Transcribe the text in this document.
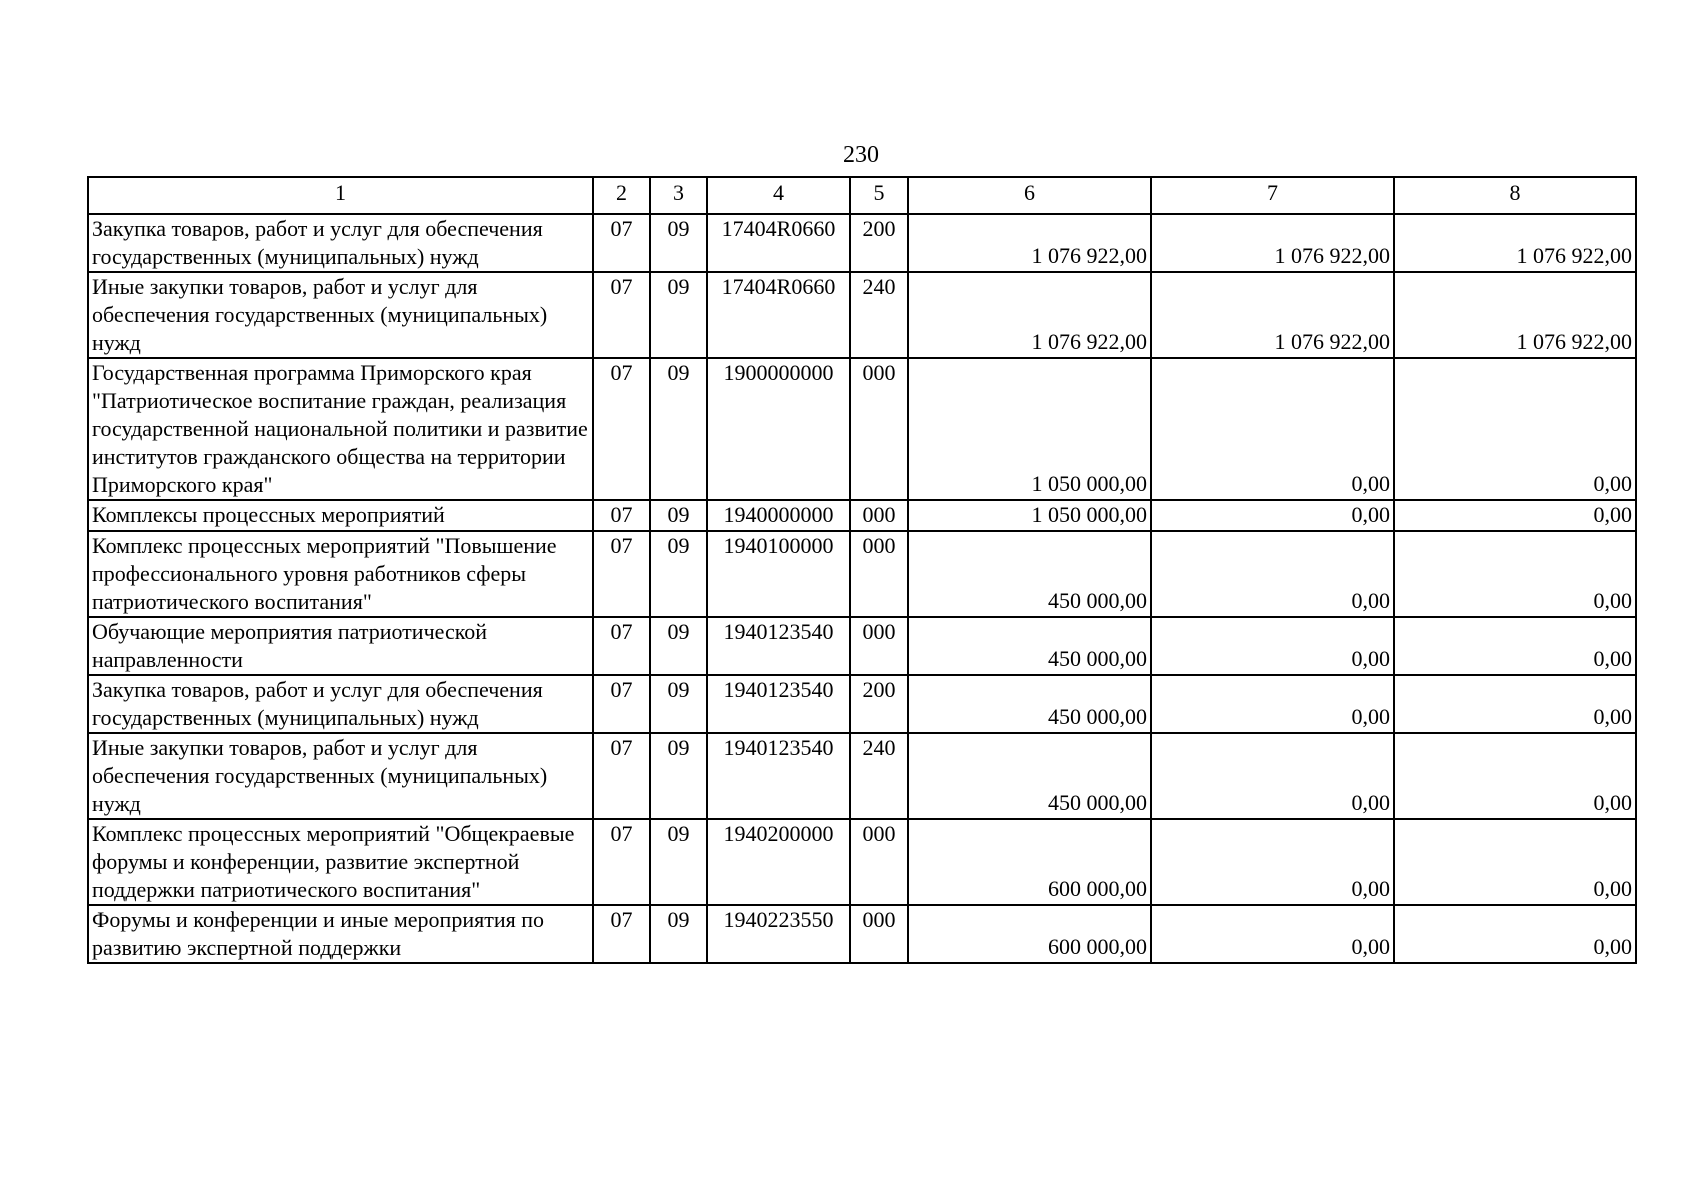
230
1	2	3	4	5	6	7	8
Закупка товаров, работ и услуг для обеспечения государственных (муниципальных) нужд	07	09	17404R0660	200	1 076 922,00	1 076 922,00	1 076 922,00
Иные закупки товаров, работ и услуг для обеспечения государственных (муниципальных) нужд	07	09	17404R0660	240	1 076 922,00	1 076 922,00	1 076 922,00
Государственная программа Приморского края "Патриотическое воспитание граждан, реализация государственной национальной политики и развитие институтов гражданского общества на территории Приморского края"	07	09	1900000000	000	1 050 000,00	0,00	0,00
Комплексы процессных мероприятий	07	09	1940000000	000	1 050 000,00	0,00	0,00
Комплекс процессных мероприятий "Повышение профессионального уровня работников сферы патриотического воспитания"	07	09	1940100000	000	450 000,00	0,00	0,00
Обучающие мероприятия патриотической направленности	07	09	1940123540	000	450 000,00	0,00	0,00
Закупка товаров, работ и услуг для обеспечения государственных (муниципальных) нужд	07	09	1940123540	200	450 000,00	0,00	0,00
Иные закупки товаров, работ и услуг для обеспечения государственных (муниципальных) нужд	07	09	1940123540	240	450 000,00	0,00	0,00
Комплекс процессных мероприятий "Общекраевые форумы и конференции, развитие экспертной поддержки патриотического воспитания"	07	09	1940200000	000	600 000,00	0,00	0,00
Форумы и конференции и иные мероприятия по развитию экспертной поддержки	07	09	1940223550	000	600 000,00	0,00	0,00
